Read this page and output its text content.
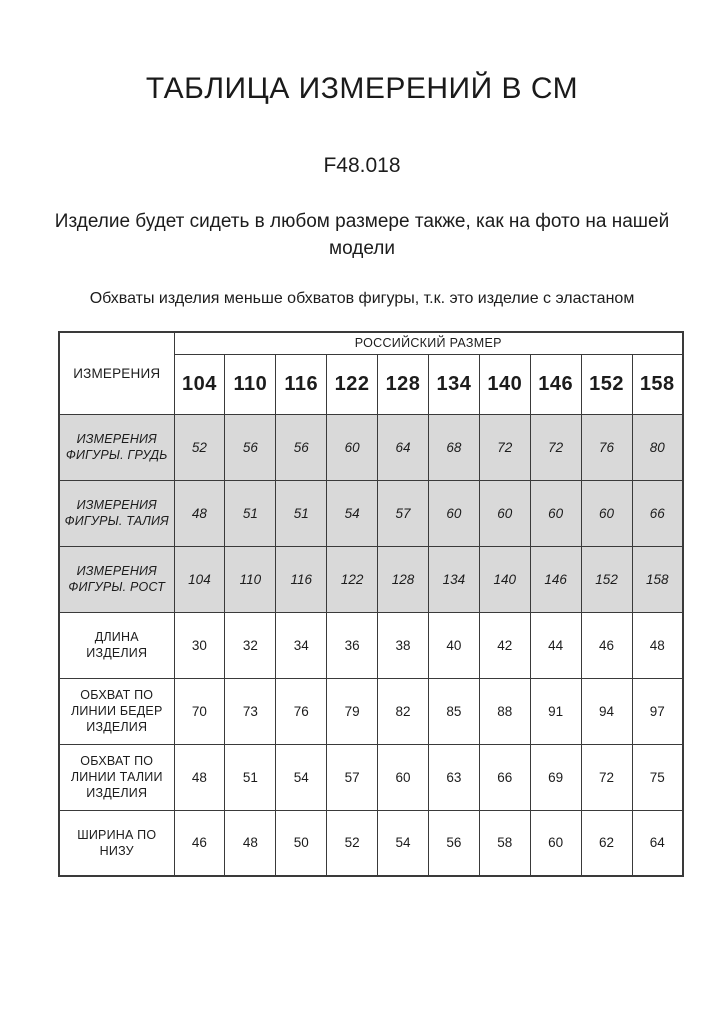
ТАБЛИЦА ИЗМЕРЕНИЙ В СМ
F48.018
Изделие будет сидеть в любом размере также, как на фото на нашей модели
Обхваты изделия меньше обхватов фигуры, т.к. это изделие с эластаном
ИЗМЕРЕНИЯ	РОССИЙСКИЙ РАЗМЕР									
	104	110	116	122	128	134	140	146	152	158
ИЗМЕРЕНИЯ ФИГУРЫ. ГРУДЬ	52	56	56	60	64	68	72	72	76	80
ИЗМЕРЕНИЯ ФИГУРЫ. ТАЛИЯ	48	51	51	54	57	60	60	60	60	66
ИЗМЕРЕНИЯ ФИГУРЫ. РОСТ	104	110	116	122	128	134	140	146	152	158
ДЛИНА ИЗДЕЛИЯ	30	32	34	36	38	40	42	44	46	48
ОБХВАТ ПО ЛИНИИ БЕДЕР ИЗДЕЛИЯ	70	73	76	79	82	85	88	91	94	97
ОБХВАТ ПО ЛИНИИ ТАЛИИ ИЗДЕЛИЯ	48	51	54	57	60	63	66	69	72	75
ШИРИНА ПО НИЗУ	46	48	50	52	54	56	58	60	62	64
